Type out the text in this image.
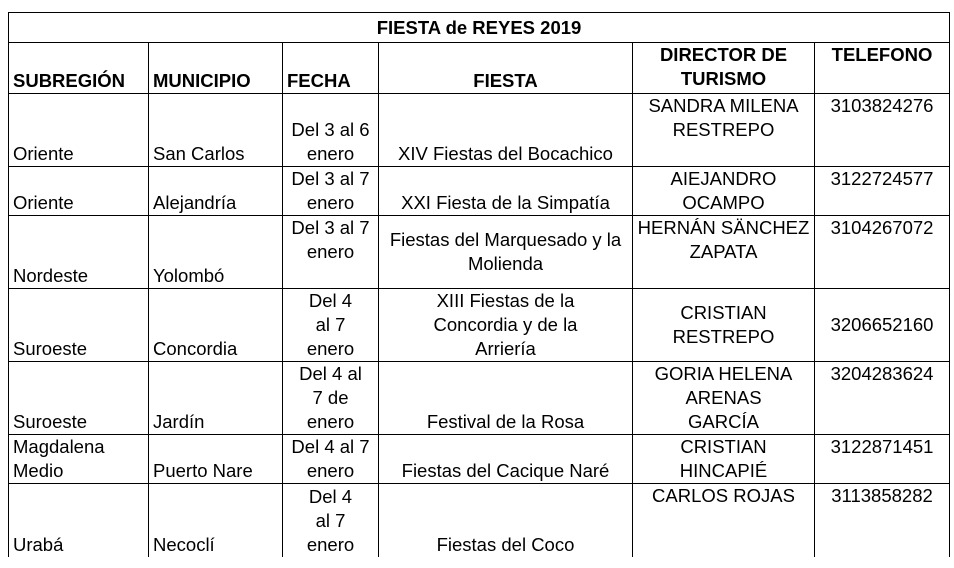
FIESTA de REYES 2019					
SUBREGIÓN	MUNICIPIO	FECHA	FIESTA	DIRECTOR DE TURISMO	TELEFONO
Oriente	San Carlos	Del 3 al 6 enero	XIV Fiestas del Bocachico	SANDRA MILENA RESTREPO	3103824276
Oriente	Alejandría	Del 3 al 7 enero	XXI Fiesta de la Simpatía	AIEJANDRO OCAMPO	3122724577
Nordeste	Yolombó	Del 3 al 7 enero	Fiestas del Marquesado y la Molienda	HERNÁN SÄNCHEZ ZAPATA	3104267072
Suroeste	Concordia	Del 4 al 7 enero	XIII Fiestas de la Concordia y de la Arriería	CRISTIAN RESTREPO	3206652160
Suroeste	Jardín	Del 4 al 7 de enero	Festival de la Rosa	GORIA HELENA ARENAS GARCÍA	3204283624
Magdalena Medio	Puerto Nare	Del 4 al 7 enero	Fiestas del Cacique Naré	CRISTIAN HINCAPIÉ	3122871451
Urabá	Necoclí	Del 4 al 7 enero	Fiestas del Coco	CARLOS ROJAS	3113858282
